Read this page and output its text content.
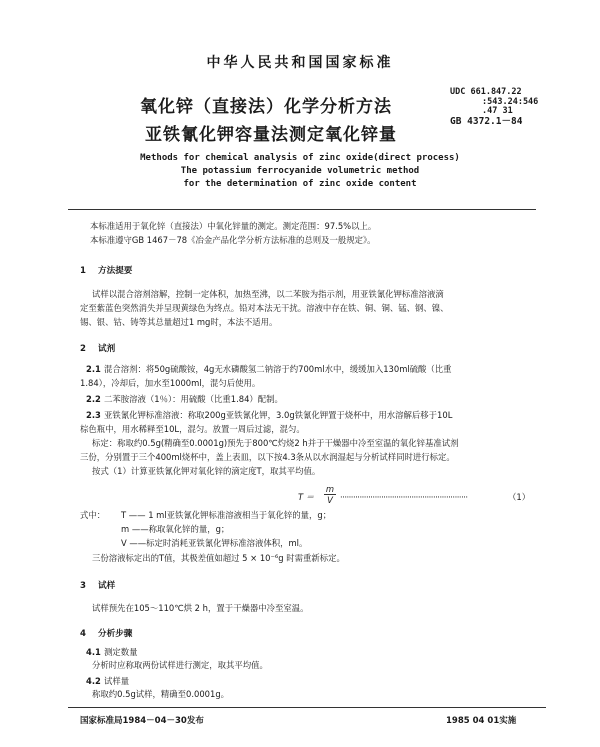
中华人民共和国国家标准
氧化锌（直接法）化学分析方法
亚铁氰化钾容量法测定氧化锌量
UDC 661.847.22
:543.24:546
.47 31
GB 4372.1－84
Methods for chemical analysis of zinc oxide(direct process)
The potassium ferrocyanide volumetric method
for the determination of zinc oxide content
本标准适用于氧化锌（直接法）中氧化锌量的测定。测定范围：97.5%以上。
本标准遵守GB 1467－78《冶金产品化学分析方法标准的总则及一般规定》。
1 方法提要
试样以混合溶剂溶解，控制一定体积，加热至沸，以二苯胺为指示剂，用亚铁氰化钾标准溶液滴
定至紫蓝色突然消失并呈现黄绿色为终点。铅对本法无干扰。溶液中存在铁、铜、铜、锰、钢、镍、
锡、银、钴、铸等其总量超过1 mg时，本法不适用。
2 试剂
2.1 混合溶剂：将50g硫酸铵，4g无水磷酸氢二钠溶于约700ml水中，缓缓加入130ml硫酸（比重
1.84），冷却后，加水至1000ml，混匀后使用。
2.2 二苯胺溶液（1％）：用硫酸（比重1.84）配制。
2.3 亚铁氰化钾标准溶液：称取200g亚铁氰化钾，3.0g铁氰化钾置于烧杯中，用水溶解后移于10L
棕色瓶中，用水稀释至10L，混匀。放置一周后过滤，混匀。
标定：称取约0.5g(精确至0.0001g)预先于800℃灼烧2 h并于干燥器中冷至室温的氧化锌基准试剂
三份，分别置于三个400ml烧杯中，盖上表皿，以下按4.3条从以水润湿起与分析试样同时进行标定。
按式（1）计算亚铁氰化钾对氧化锌的滴定度T，取其平均值。
$T = \frac{m}{V}$ ···························································	（1）
式中： T —— 1 ml亚铁氰化钾标准溶液相当于氧化锌的量，g；
m ——称取氧化锌的量，g；
V ——标定时消耗亚铁氰化钾标准溶液体积，ml。
三份溶液标定出的T值，其极差值如超过 5 × 10⁻⁶g 时需重新标定。
3 试样
试样预先在105～110℃烘 2 h，置于干燥器中冷至室温。
4 分析步骤
4.1 测定数量
分析时应称取两份试样进行测定，取其平均值。
4.2 试样量
称取约0.5g试样，精确至0.0001g。
国家标准局1984－04－30发布	1985 04 01实施
